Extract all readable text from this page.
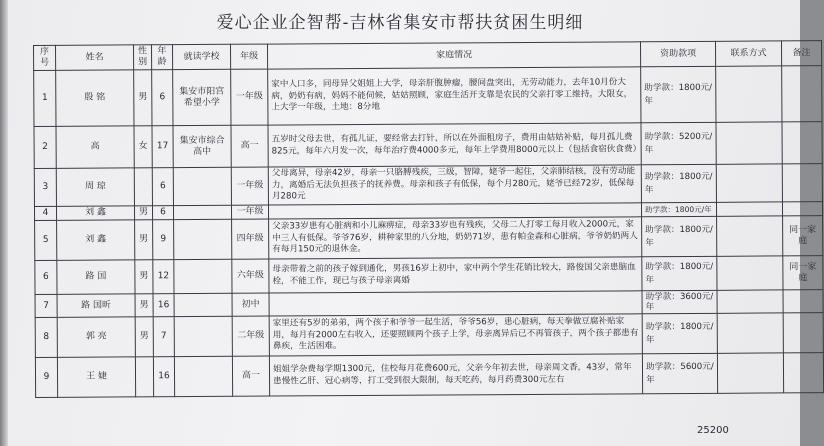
爱心企业企智帮-吉林省集安市帮扶贫困生明细
序号	姓名	性别	年龄	就读学校	年级	家庭情况	资助款项	联系方式	备注
1	殷 铭	男	6	集安市阳宫希望小学	一年级	家中人口多，同母异父姐姐上大学，母亲肝腹肿瘤，腰间盘突出，无劳动能力，去年10月份大病，奶奶有病，妈妈不能伺候，姑姑照顾，家庭生活开支靠是农民的父亲打零工维持。大限女，上大学一年级，土地：8分地	助学款：1800元/年		
2	高	女	17	集安市综合高中	高一	五岁时父母去世，有孤儿证，要经常去打针，所以在外面租房子，费用由姑姑补贴，每月孤儿费825元，每年六月发一次，每年治疗费4000多元，每年上学费用8000元以上（包括食宿伙食费）	助学款：5200元/年		
3	周 琼		6		一年级	父母离异，母亲42岁，母亲一只胳膊残疾，三级，智障，姥爷一起住，父亲肺结核，没有劳动能力，离婚后无法负担孩子的抚养费。母亲和孩子有低保，每个月280元，姥爷已经72岁，低保每月280元	助学款：1800元/年		
4	刘 鑫	男	6		一年级		助学款：1800元/年		
5	刘 鑫	男	9		四年级	父亲33岁患有心脏病和小儿麻痹症，母亲33岁也有残疾，父母二人打零工每月收入2000元，家中三人有低保。爷爷76岁，耕种家里的八分地，奶奶71岁，患有帕金森和心脏病，爷爷奶奶两人有每月150元的退休金。	助学款：1800元/年		同一家庭
6	路 国	男	12		六年级	母亲带着之前的孩子嫁到通化，男孩16岁上初中，家中两个学生花销比较大，路俊国父亲患脑血栓，不能工作，现已与孩子母亲离婚	助学款：1800元/年		同一家庭
7	路 国昕	男	16		初中		助学款：3600元/年		
8	郭 亮	男	7		二年级	家里还有5岁的弟弟，两个孩子和爷爷一起生活，爷爷56岁，患心脏病，每天拳做豆腐补贴家用，每月有2000左右收入，还要照顾两个孩子上学，母亲离异后已不再管孩子，两个孩子都患有鼻疾，生活困难。	助学款：1800元/年		
9	王 婕		16		高一	姐姐学杂费每学期1300元，住校每月花费600元，父亲今年初去世，母亲周文香，43岁，常年患慢性乙肝、冠心病等，打工受到很大限制，每天吃药，每月药费300元左右	助学款：5600元/年		
25200
